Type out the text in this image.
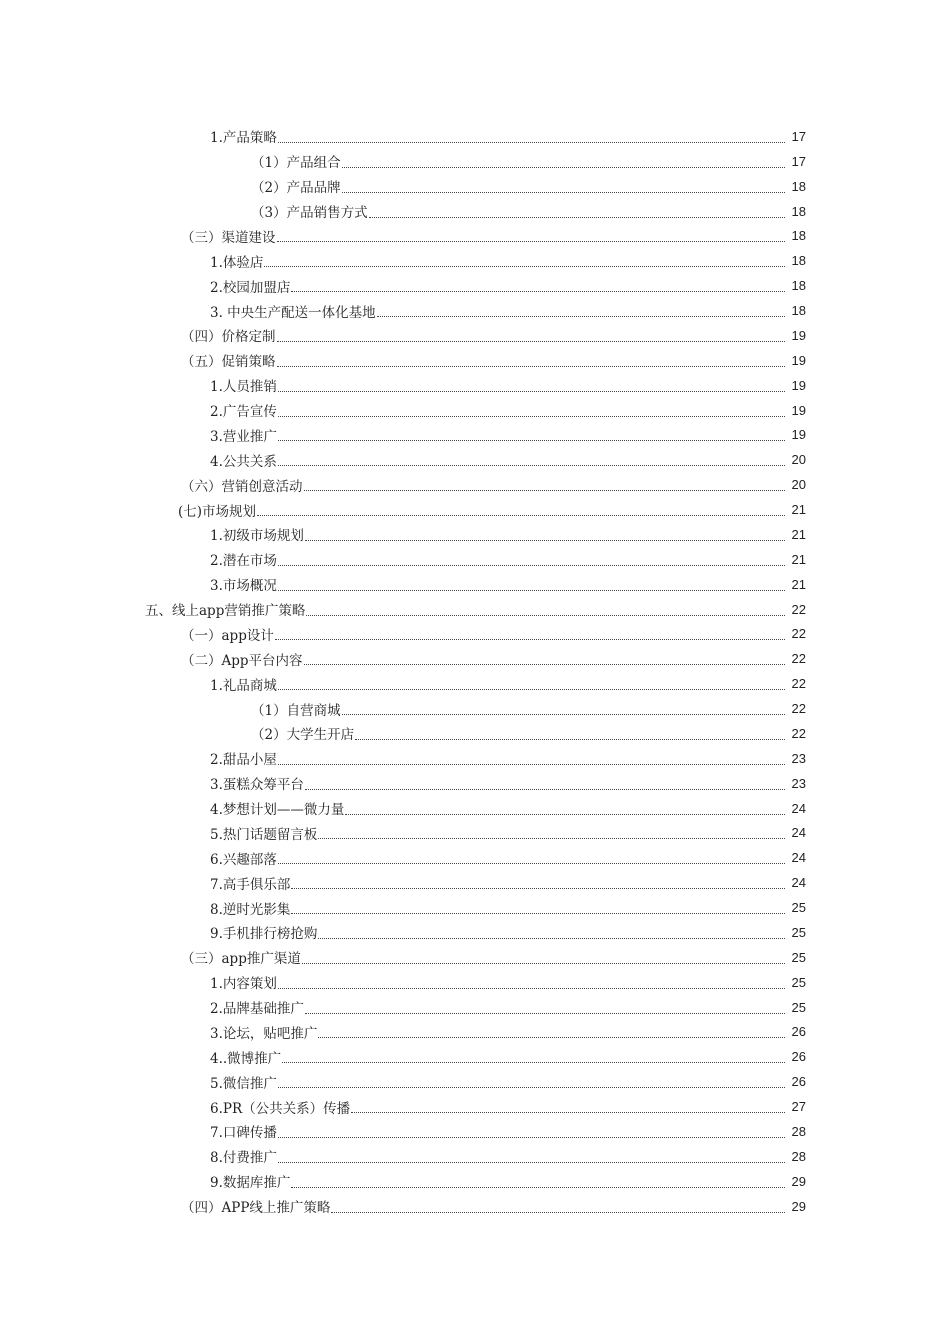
1.产品策略	17
（1）产品组合	17
（2）产品品牌	18
（3）产品销售方式	18
（三）渠道建设	18
1.体验店	18
2.校园加盟店	18
3. 中央生产配送一体化基地	18
（四）价格定制	19
（五）促销策略	19
1.人员推销	19
2.广告宣传	19
3.营业推广	19
4.公共关系	20
（六）营销创意活动	20
(七)市场规划	21
1.初级市场规划	21
2.潜在市场	21
3.市场概况	21
五、线上app营销推广策略	22
（一）app设计	22
（二）App平台内容	22
1.礼品商城	22
（1）自营商城	22
（2）大学生开店	22
2.甜品小屋	23
3.蛋糕众筹平台	23
4.梦想计划——微力量	24
5.热门话题留言板	24
6.兴趣部落	24
7.高手俱乐部	24
8.逆时光影集	25
9.手机排行榜抢购	25
（三）app推广渠道	25
1.内容策划	25
2.品牌基础推广	25
3.论坛，贴吧推广	26
4..微博推广	26
5.微信推广	26
6.PR（公共关系）传播	27
7.口碑传播	28
8.付费推广	28
9.数据库推广	29
（四）APP线上推广策略	29
